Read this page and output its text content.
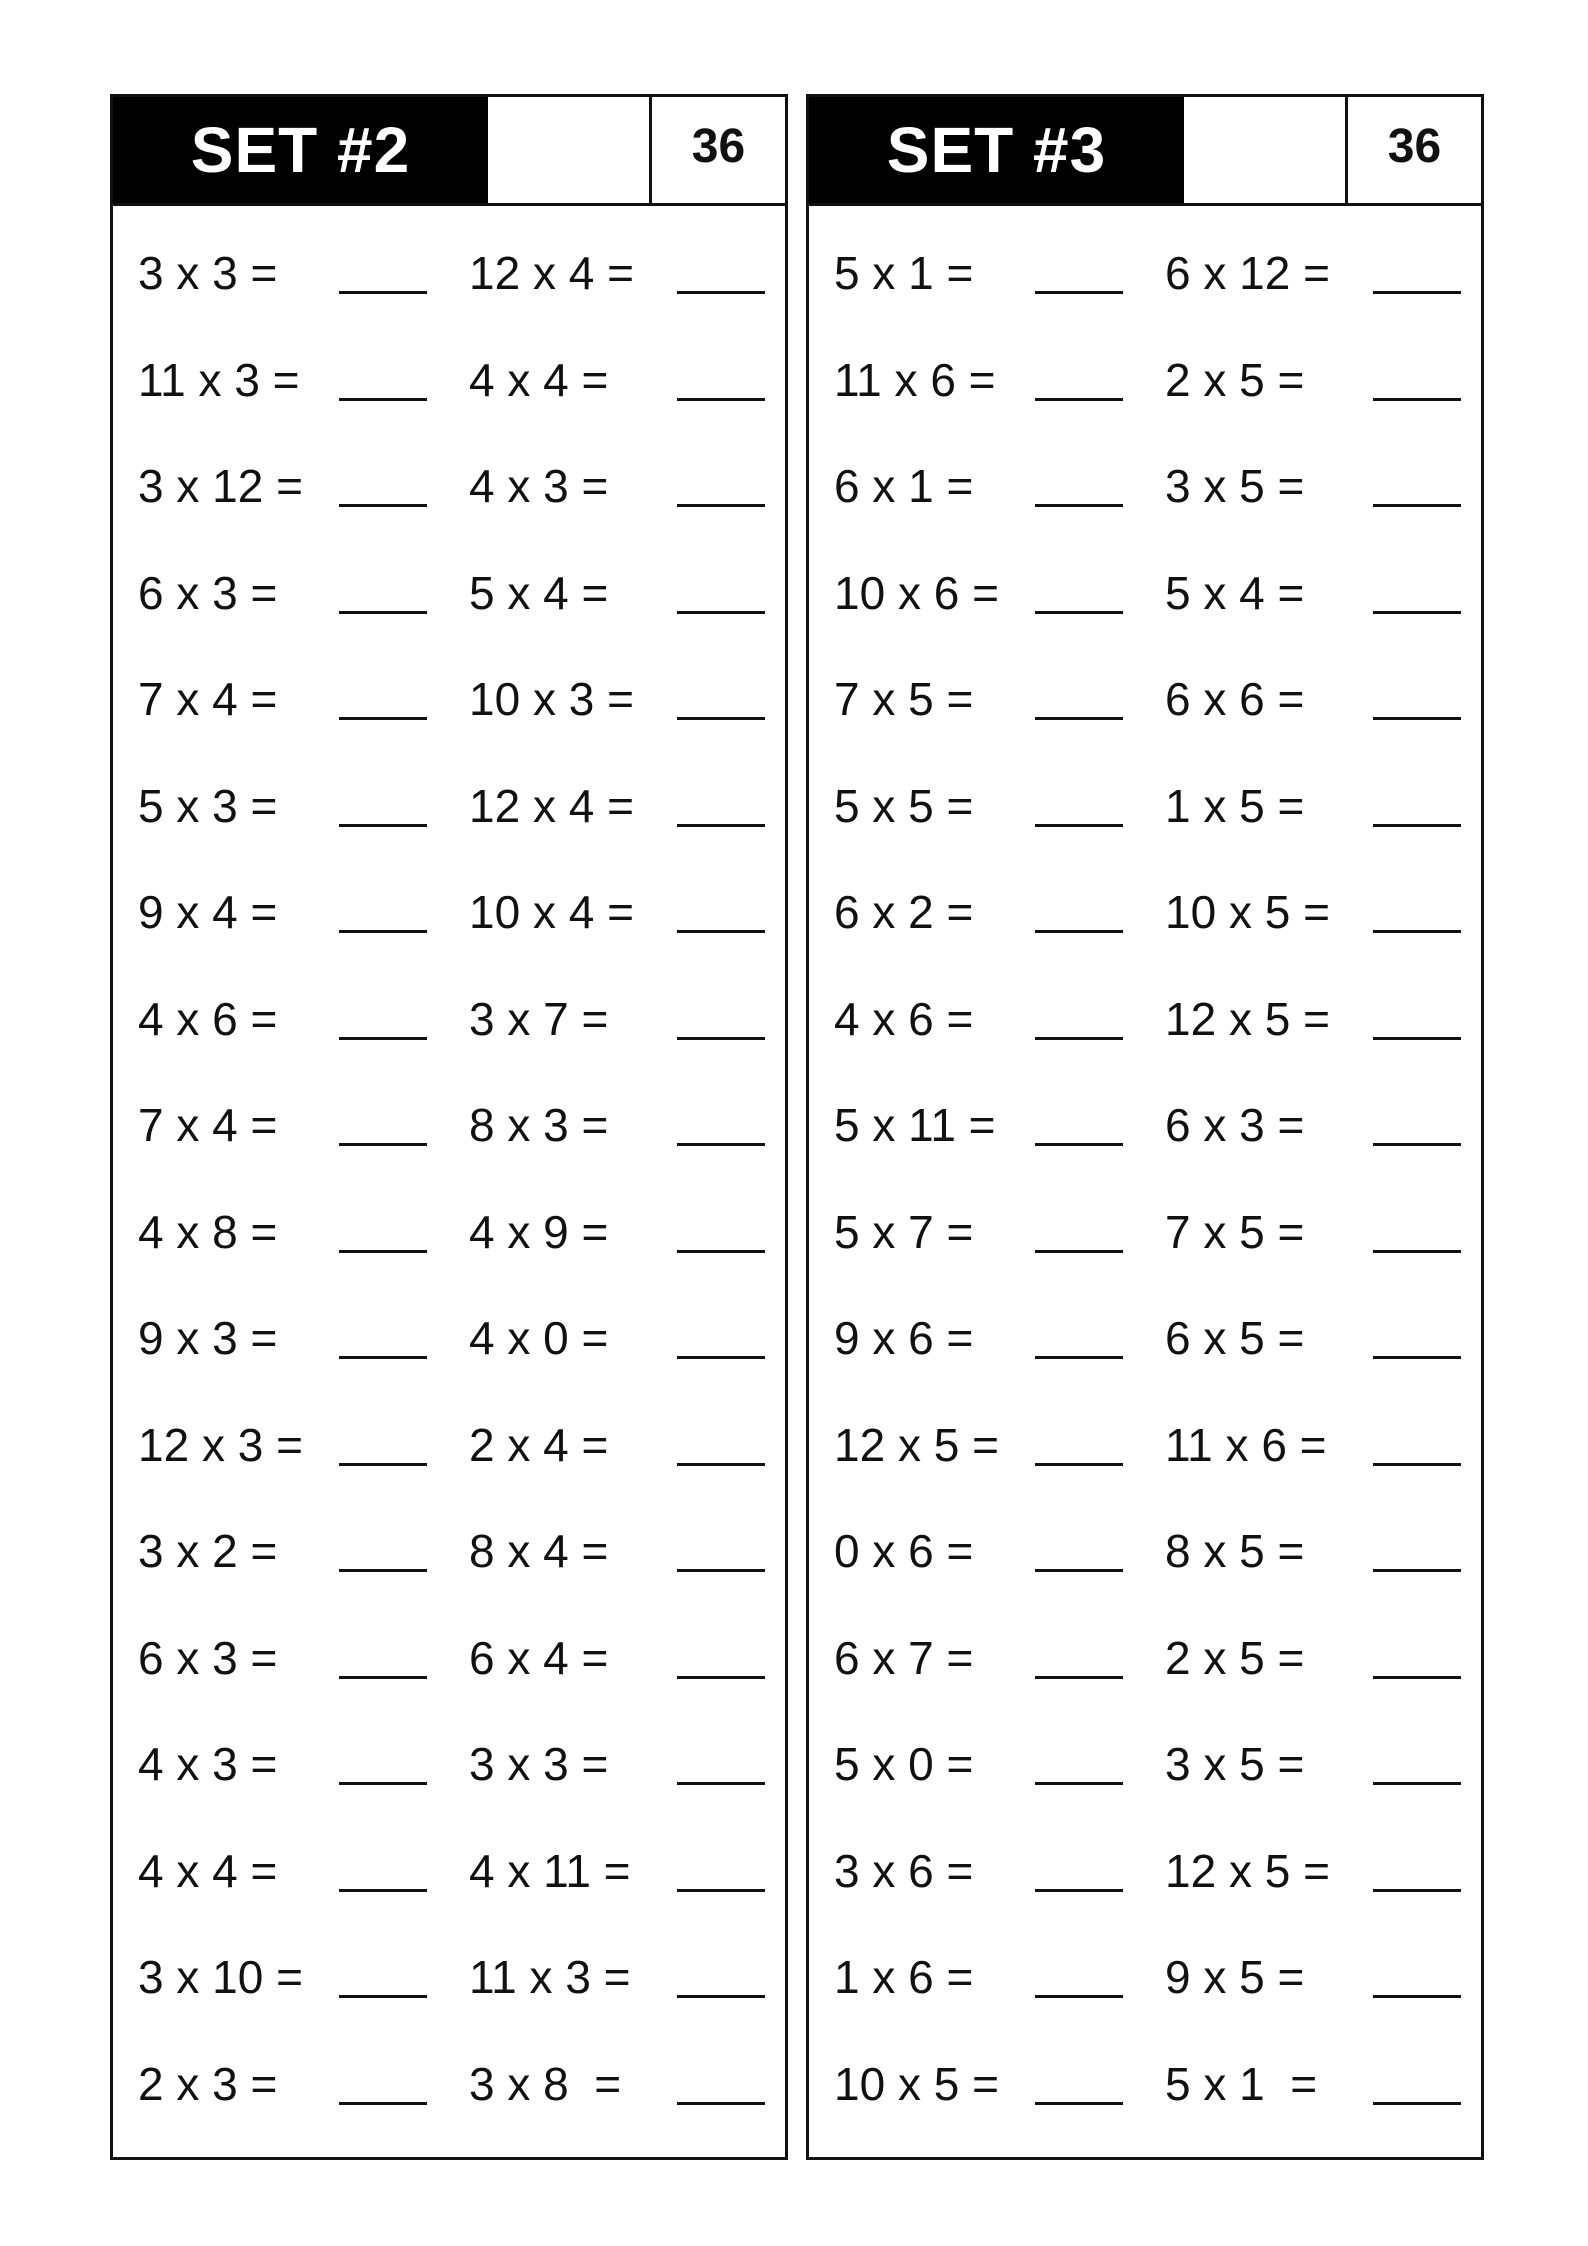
SET #2	36
3 x 3 =	12 x 4 =
11 x 3 =	4 x 4 =
3 x 12 =	4 x 3 =
6 x 3 =	5 x 4 =
7 x 4 =	10 x 3 =
5 x 3 =	12 x 4 =
9 x 4 =	10 x 4 =
4 x 6 =	3 x 7 =
7 x 4 =	8 x 3 =
4 x 8 =	4 x 9 =
9 x 3 =	4 x 0 =
12 x 3 =	2 x 4 =
3 x 2 =	8 x 4 =
6 x 3 =	6 x 4 =
4 x 3 =	3 x 3 =
4 x 4 =	4 x 11 =
3 x 10 =	11 x 3 =
2 x 3 =	3 x 8  =
SET #3	36
5 x 1 =	6 x 12 =
11 x 6 =	2 x 5 =
6 x 1 =	3 x 5 =
10 x 6 =	5 x 4 =
7 x 5 =	6 x 6 =
5 x 5 =	1 x 5 =
6 x 2 =	10 x 5 =
4 x 6 =	12 x 5 =
5 x 11 =	6 x 3 =
5 x 7 =	7 x 5 =
9 x 6 =	6 x 5 =
12 x 5 =	11 x 6 =
0 x 6 =	8 x 5 =
6 x 7 =	2 x 5 =
5 x 0 =	3 x 5 =
3 x 6 =	12 x 5 =
1 x 6 =	9 x 5 =
10 x 5 =	5 x 1  =
